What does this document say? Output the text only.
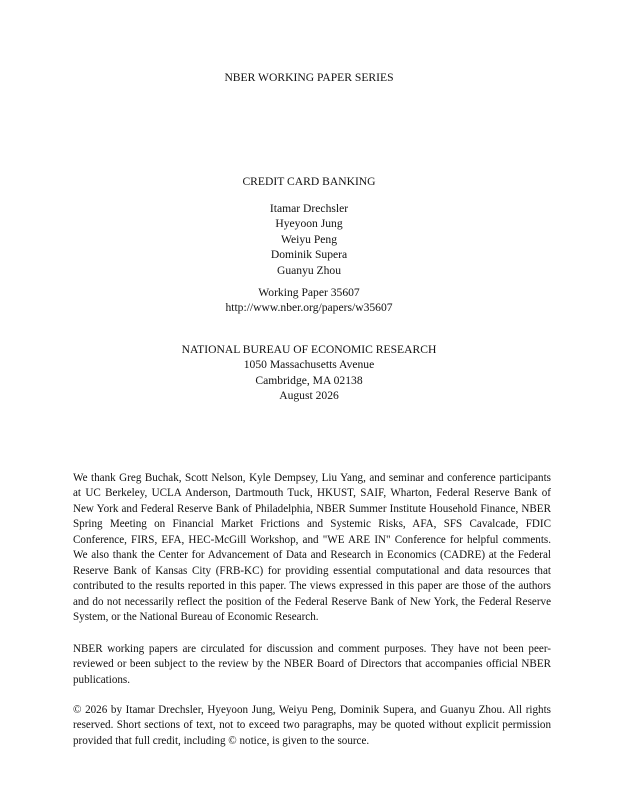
NBER WORKING PAPER SERIES
CREDIT CARD BANKING
Itamar Drechsler
Hyeyoon Jung
Weiyu Peng
Dominik Supera
Guanyu Zhou
Working Paper 35607
http://www.nber.org/papers/w35607
NATIONAL BUREAU OF ECONOMIC RESEARCH
1050 Massachusetts Avenue
Cambridge, MA 02138
August 2026

We thank Greg Buchak, Scott Nelson, Kyle Dempsey, Liu Yang, and seminar and conference participants at UC Berkeley, UCLA Anderson, Dartmouth Tuck, HKUST, SAIF, Wharton, Federal Reserve Bank of New York and Federal Reserve Bank of Philadelphia, NBER Summer Institute Household Finance, NBER Spring Meeting on Financial Market Frictions and Systemic Risks, AFA, SFS Cavalcade, FDIC Conference, FIRS, EFA, HEC-McGill Workshop, and "WE ARE IN" Conference for helpful comments. We also thank the Center for Advancement of Data and Research in Economics (CADRE) at the Federal Reserve Bank of Kansas City (FRB-KC) for providing essential computational and data resources that contributed to the results reported in this paper. The views expressed in this paper are those of the authors and do not necessarily reflect the position of the Federal Reserve Bank of New York, the Federal Reserve System, or the National Bureau of Economic Research.

NBER working papers are circulated for discussion and comment purposes. They have not been peer-reviewed or been subject to the review by the NBER Board of Directors that accompanies official NBER publications.

© 2026 by Itamar Drechsler, Hyeyoon Jung, Weiyu Peng, Dominik Supera, and Guanyu Zhou. All rights reserved. Short sections of text, not to exceed two paragraphs, may be quoted without explicit permission provided that full credit, including © notice, is given to the source.
